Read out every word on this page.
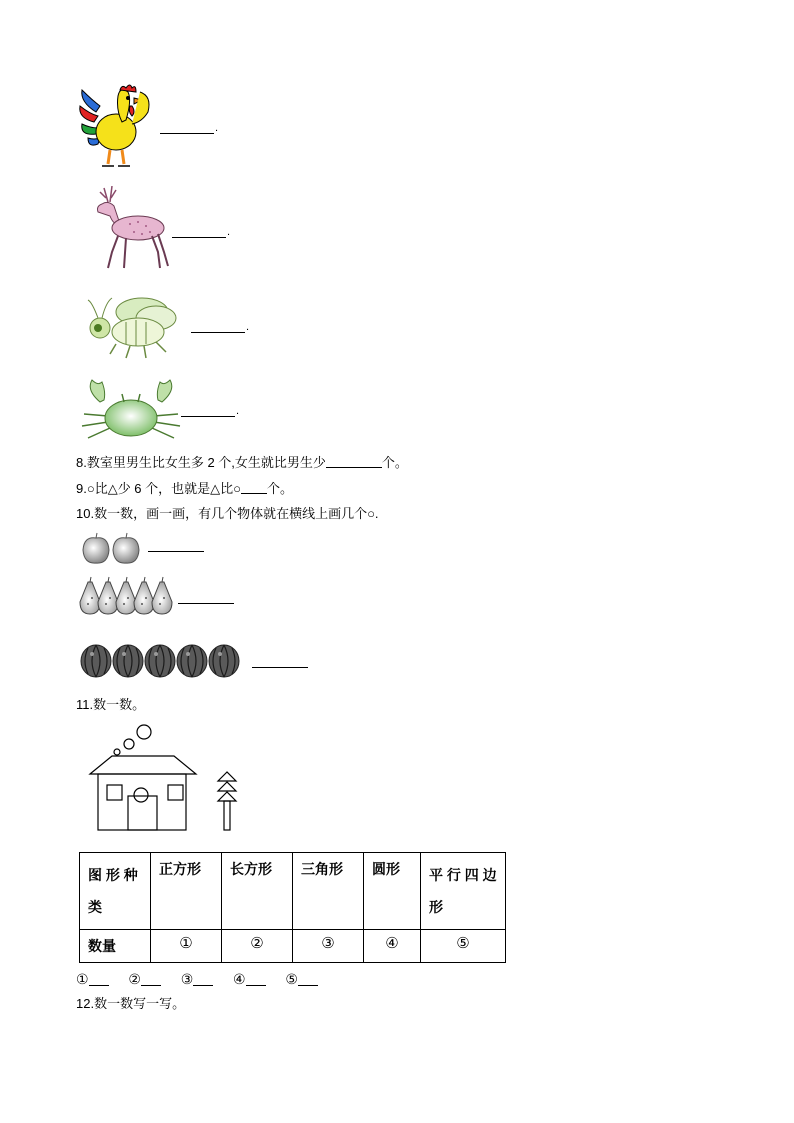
.
.
.
.
8.教室里男生比女生多 2 个,女生就比男生少	个。
9.○比△少 6 个，也就是△比○ 个。
10.数一数，画一画，有几个物体就在横线上画几个○.
11.数一数。
图 形 种 类	正方形	长方形	三角形	圆形	平 行 四 边 形
数量	①	②	③	④	⑤
①	②	③	④	⑤
12.数一数写一写。
